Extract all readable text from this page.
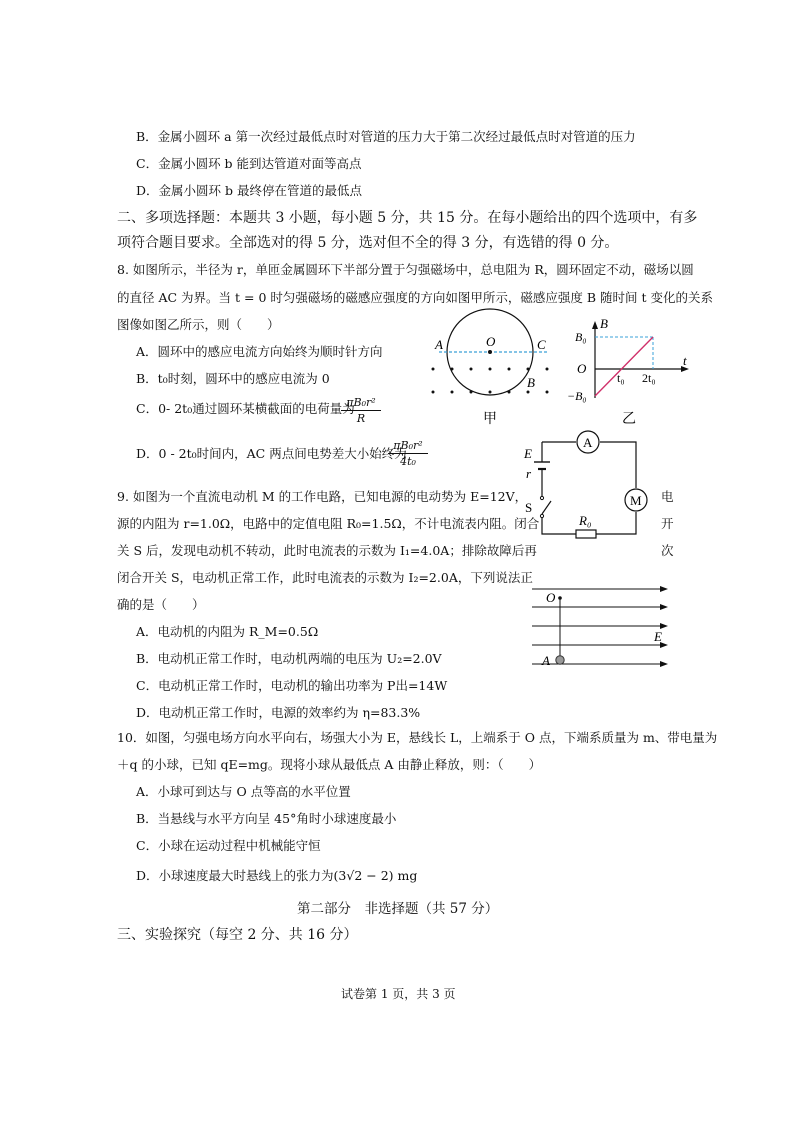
B．金属小圆环 a 第一次经过最低点时对管道的压力大于第二次经过最低点时对管道的压力
C．金属小圆环 b 能到达管道对面等高点
D．金属小圆环 b 最终停在管道的最低点
二、多项选择题：本题共 3 小题，每小题 5 分，共 15 分。在每小题给出的四个选项中，有多
项符合题目要求。全部选对的得 5 分，选对但不全的得 3 分，有选错的得 0 分。
8. 如图所示，半径为 r，单匝金属圆环下半部分置于匀强磁场中，总电阻为 R，圆环固定不动，磁场以圆
的直径 AC 为界。当 t = 0 时匀强磁场的磁感应强度的方向如图甲所示，磁感应强度 B 随时间 t 变化的关系
图像如图乙所示，则（　　）
A．圆环中的感应电流方向始终为顺时针方向
B．t₀时刻，圆环中的感应电流为 0
C．0- 2t₀通过圆环某横截面的电荷量为
πB₀r²
R
D．0 - 2t₀时间内，AC 两点间电势差大小始终为
πB₀r²
4t₀
A	O	C
B
甲
B
t
B₀
O
−B₀
t₀ 2t₀
乙
9. 如图为一个直流电动机 M 的工作电路，已知电源的电动势为 E=12V，
源的内阻为 r=1.0Ω，电路中的定值电阻 R₀=1.5Ω，不计电流表内阻。闭合
关 S 后，发现电动机不转动，此时电流表的示数为 I₁=4.0A；排除故障后再
闭合开关 S，电动机正常工作，此时电流表的示数为 I₂=2.0A，下列说法正
确的是（　　）
电
开
次
A．电动机的内阻为 R_M=0.5Ω
B．电动机正常工作时，电动机两端的电压为 U₂=2.0V
C．电动机正常工作时，电动机的输出功率为 P出=14W
D．电动机正常工作时，电源的效率约为 η=83.3%
A
M
E
r
S
R₀
O
E
A
10．如图，匀强电场方向水平向右，场强大小为 E，悬线长 L，上端系于 O 点，下端系质量为 m、带电量为
＋q 的小球，已知 qE=mg。现将小球从最低点 A 由静止释放，则：（　　）
A．小球可到达与 O 点等高的水平位置
B．当悬线与水平方向呈 45°角时小球速度最小
C．小球在运动过程中机械能守恒
D．小球速度最大时悬线上的张力为(3√2 − 2) mg
第二部分　非选择题（共 57 分）
三、实验探究（每空 2 分、共 16 分）
试卷第 1 页，共 3 页
